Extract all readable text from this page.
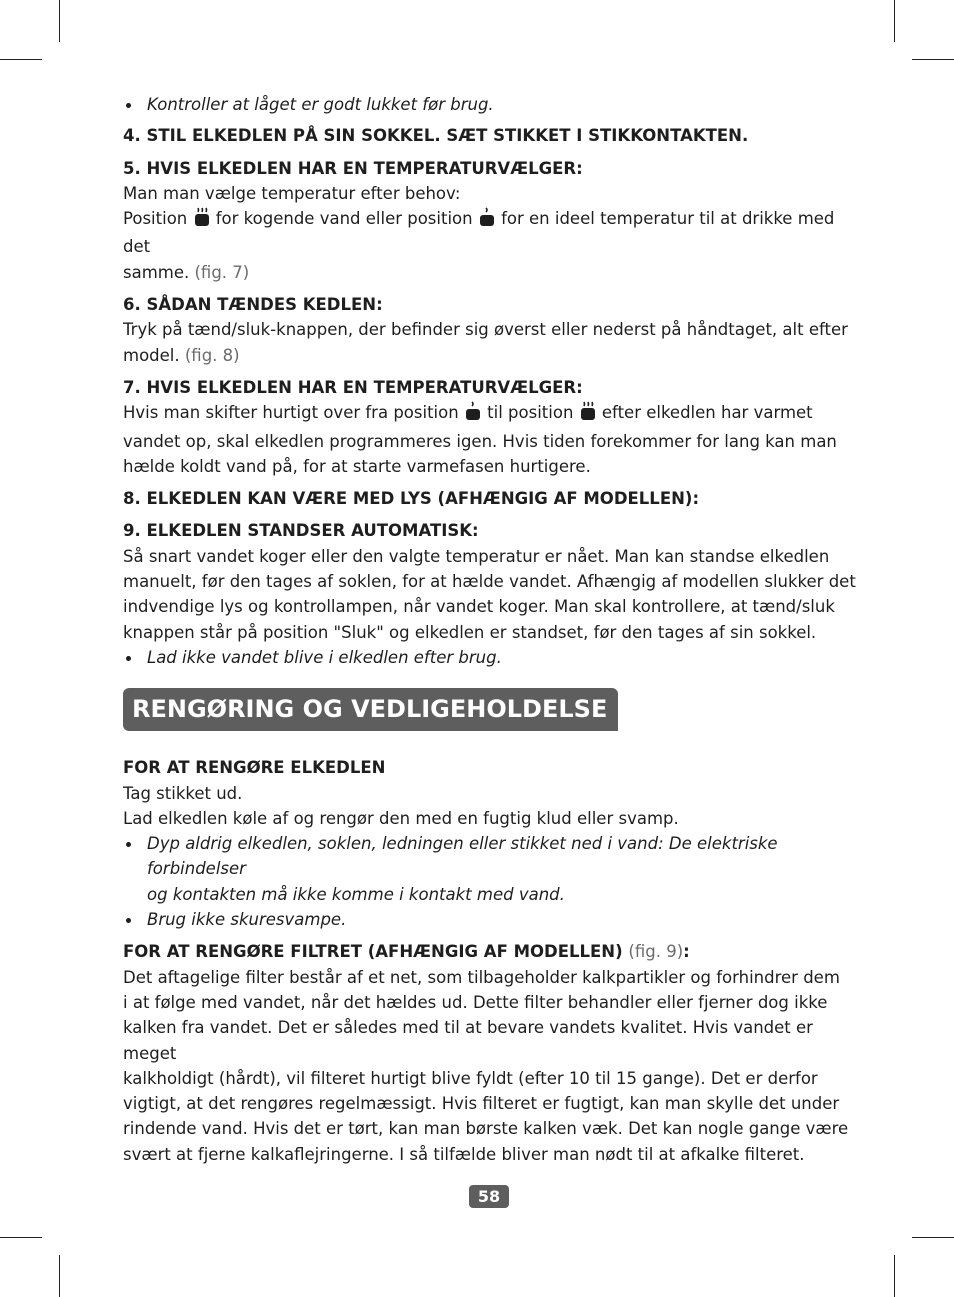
Kontroller at låget er godt lukket før brug.

4. STIL ELKEDLEN PÅ SIN SOKKEL. SÆT STIKKET I STIKKONTAKTEN.

5. HVIS ELKEDLEN HAR EN TEMPERATURVÆLGER:

Man man vælge temperatur efter behov:
Position  for kogende vand eller position  for en ideel temperatur til at drikke med det
samme. (fig. 7)

6. SÅDAN TÆNDES KEDLEN:

Tryk på tænd/sluk-knappen, der befinder sig øverst eller nederst på håndtaget, alt efter
model. (fig. 8)

7. HVIS ELKEDLEN HAR EN TEMPERATURVÆLGER:

Hvis man skifter hurtigt over fra position  til position  efter elkedlen har varmet
vandet op, skal elkedlen programmeres igen. Hvis tiden forekommer for lang kan man
hælde koldt vand på, for at starte varmefasen hurtigere.

8. ELKEDLEN KAN VÆRE MED LYS (AFHÆNGIG AF MODELLEN):

9. ELKEDLEN STANDSER AUTOMATISK:

Så snart vandet koger eller den valgte temperatur er nået. Man kan standse elkedlen
manuelt, før den tages af soklen, for at hælde vandet. Afhængig af modellen slukker det
indvendige lys og kontrollampen, når vandet koger. Man skal kontrollere, at tænd/sluk
knappen står på position "Sluk" og elkedlen er standset, før den tages af sin sokkel.

Lad ikke vandet blive i elkedlen efter brug.

RENGØRING OG VEDLIGEHOLDELSE

FOR AT RENGØRE ELKEDLEN

Tag stikket ud.
Lad elkedlen køle af og rengør den med en fugtig klud eller svamp.

Dyp aldrig elkedlen, soklen, ledningen eller stikket ned i vand: De elektriske forbindelser
og kontakten må ikke komme i kontakt med vand.

Brug ikke skuresvampe.

FOR AT RENGØRE FILTRET (AFHÆNGIG AF MODELLEN) (fig. 9):

Det aftagelige filter består af et net, som tilbageholder kalkpartikler og forhindrer dem
i at følge med vandet, når det hældes ud. Dette filter behandler eller fjerner dog ikke
kalken fra vandet. Det er således med til at bevare vandets kvalitet. Hvis vandet er meget
kalkholdigt (hårdt), vil filteret hurtigt blive fyldt (efter 10 til 15 gange). Det er derfor
vigtigt, at det rengøres regelmæssigt. Hvis filteret er fugtigt, kan man skylle det under
rindende vand. Hvis det er tørt, kan man børste kalken væk. Det kan nogle gange være
svært at fjerne kalkaflejringerne. I så tilfælde bliver man nødt til at afkalke filteret.

58
